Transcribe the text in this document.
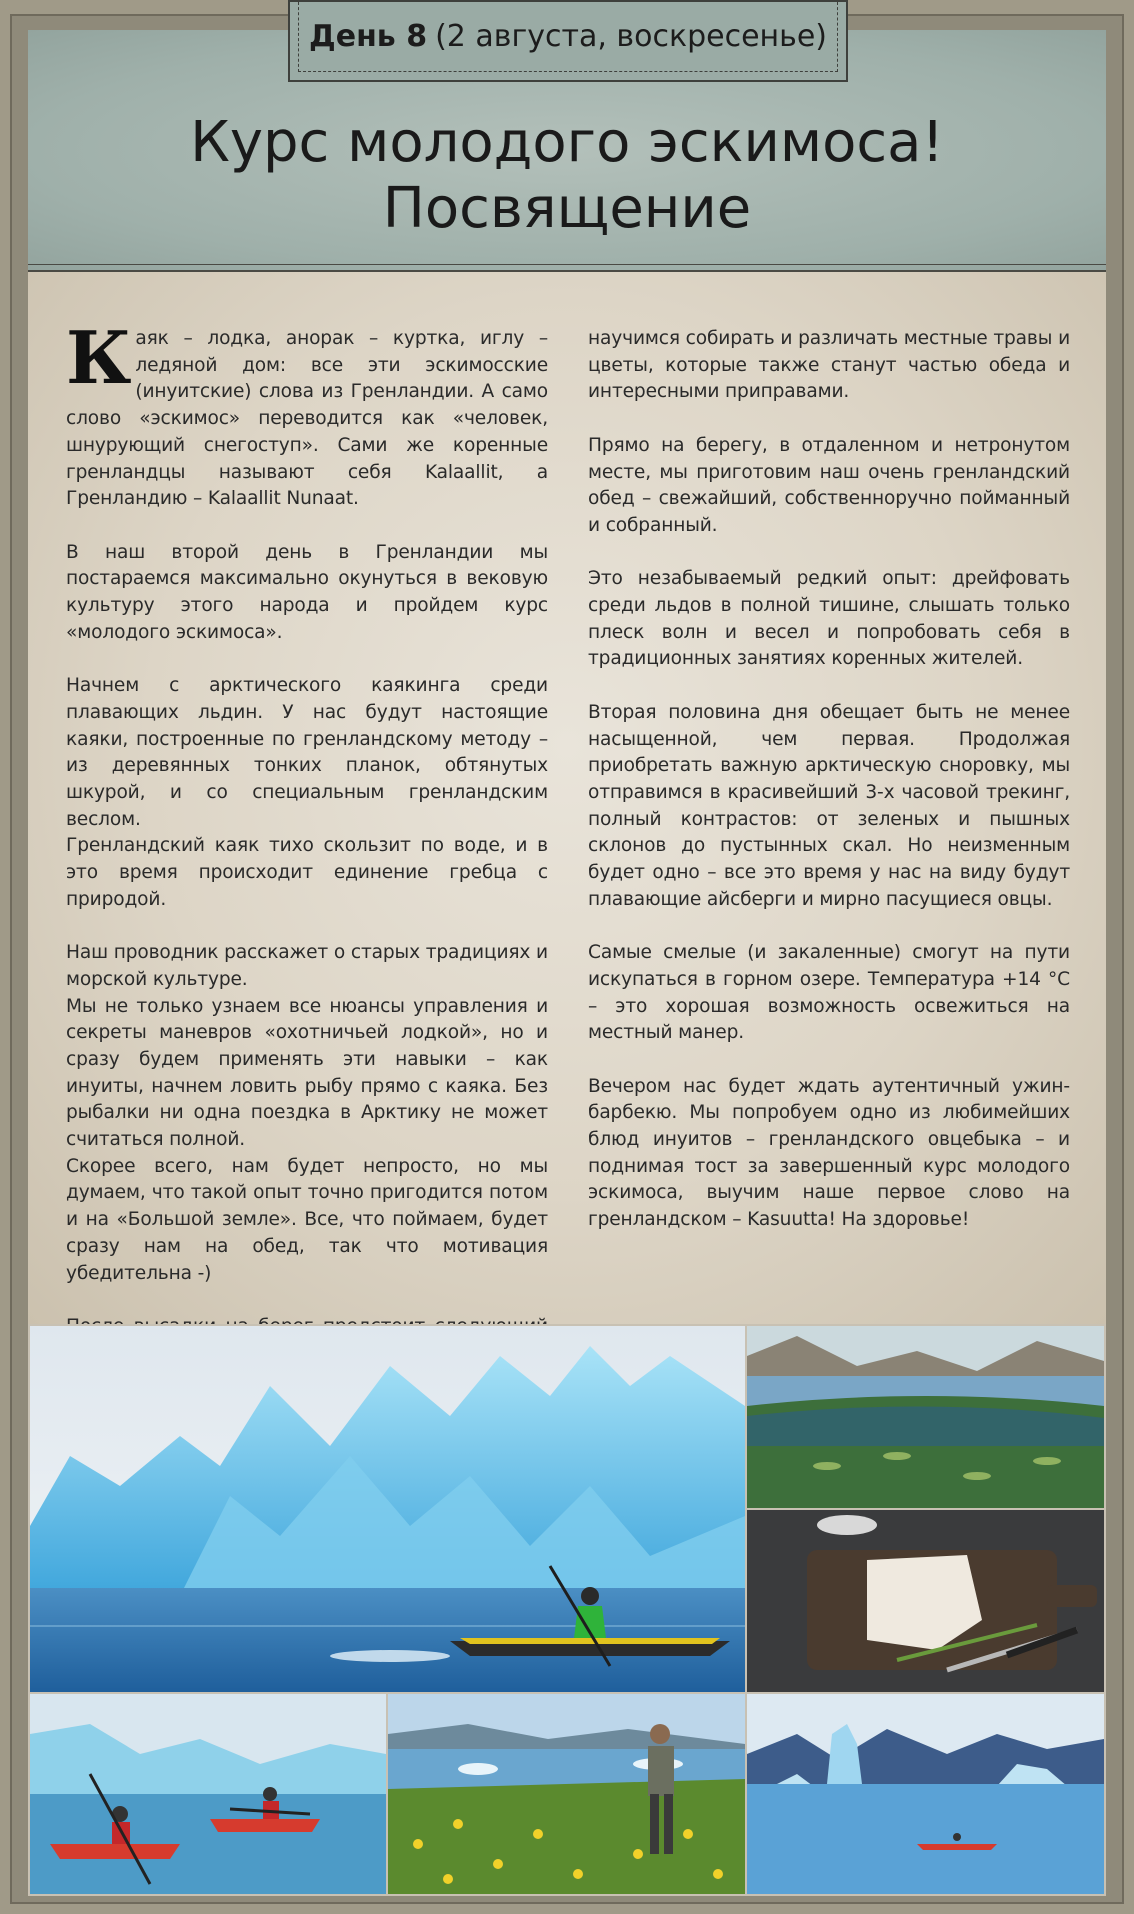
Курс молодого эскимоса!
Посвящение

Каяк – лодка, анорак – куртка, иглу – ледяной дом: все эти эскимосские (инуитские) слова из Гренландии. А само слово «эскимос» переводится как «человек, шнурующий снегоступ». Сами же коренные гренландцы называют себя Kalaallit, а Гренландию – Kalaallit Nunaat.

В наш второй день в Гренландии мы постараемся максимально окунуться в вековую культуру этого народа и пройдем курс «молодого эскимоса».

Начнем с арктического каякинга среди плавающих льдин. У нас будут настоящие каяки, построенные по гренландскому методу – из деревянных тонких планок, обтянутых шкурой, и со специальным гренландским веслом.

Гренландский каяк тихо скользит по воде, и в это время происходит единение гребца с природой.

Наш проводник расскажет о старых традициях и морской культуре.

Мы не только узнаем все нюансы управления и секреты маневров «охотничьей лодкой», но и сразу будем применять эти навыки – как инуиты, начнем ловить рыбу прямо с каяка. Без рыбалки ни одна поездка в Арктику не может считаться полной.

Скорее всего, нам будет непросто, но мы думаем, что такой опыт точно пригодится потом и на «Большой земле». Все, что поймаем, будет сразу нам на обед, так что мотивация убедительна -)

научимся собирать и различать местные травы и цветы, которые также станут частью обеда и интересными приправами.

Прямо на берегу, в отдаленном и нетронутом месте, мы приготовим наш очень гренландский обед – свежайший, собственноручно пойманный и собранный.

Это незабываемый редкий опыт: дрейфовать среди льдов в полной тишине, слышать только плеск волн и весел и попробовать себя в традиционных занятиях коренных жителей.

Вторая половина дня обещает быть не менее насыщенной, чем первая. Продолжая приобретать важную арктическую сноровку, мы отправимся в красивейший 3-х часовой трекинг, полный контрастов: от зеленых и пышных склонов до пустынных скал. Но неизменным будет одно – все это время у нас на виду будут плавающие айсберги и мирно пасущиеся овцы.

Самые смелые (и закаленные) смогут на пути искупаться в горном озере. Температура +14 °С – это хорошая возможность освежиться на местный манер.

Вечером нас будет ждать аутентичный ужин-барбекю. Мы попробуем одно из любимейших блюд инуитов – гренландского овцебыка – и поднимая тост за завершенный курс молодого эскимоса, выучим наше первое слово на гренландском – Kasuutta! На здоровье!

День 8 (2 августа, воскресенье)
